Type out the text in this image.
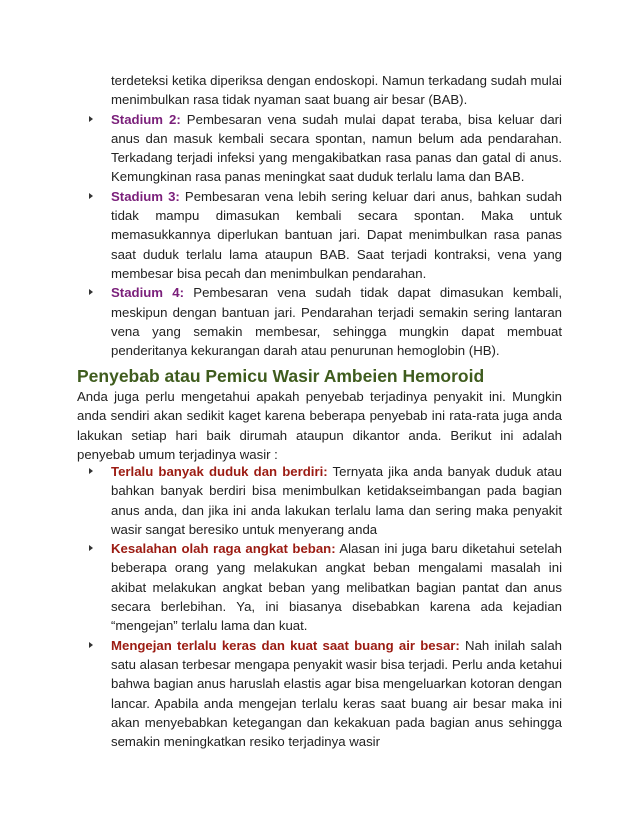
terdeteksi ketika diperiksa dengan endoskopi. Namun terkadang sudah mulai menimbulkan rasa tidak nyaman saat buang air besar (BAB).

Stadium 2: Pembesaran vena sudah mulai dapat teraba, bisa keluar dari anus dan masuk kembali secara spontan, namun belum ada pendarahan. Terkadang terjadi infeksi yang mengakibatkan rasa panas dan gatal di anus. Kemungkinan rasa panas meningkat saat duduk terlalu lama dan BAB.

Stadium 3: Pembesaran vena lebih sering keluar dari anus, bahkan sudah tidak mampu dimasukan kembali secara spontan. Maka untuk memasukkannya diperlukan bantuan jari. Dapat menimbulkan rasa panas saat duduk terlalu lama ataupun BAB. Saat terjadi kontraksi, vena yang membesar bisa pecah dan menimbulkan pendarahan.

Stadium 4: Pembesaran vena sudah tidak dapat dimasukan kembali, meskipun dengan bantuan jari. Pendarahan terjadi semakin sering lantaran vena yang semakin membesar, sehingga mungkin dapat membuat penderitanya kekurangan darah atau penurunan hemoglobin (HB).

Penyebab atau Pemicu Wasir Ambeien Hemoroid

Anda juga perlu mengetahui apakah penyebab terjadinya penyakit ini. Mungkin anda sendiri akan sedikit kaget karena beberapa penyebab ini rata-rata juga anda lakukan setiap hari baik dirumah ataupun dikantor anda. Berikut ini adalah penyebab umum terjadinya wasir :

Terlalu banyak duduk dan berdiri: Ternyata jika anda banyak duduk atau bahkan banyak berdiri bisa menimbulkan ketidakseimbangan pada bagian anus anda, dan jika ini anda lakukan terlalu lama dan sering maka penyakit wasir sangat beresiko untuk menyerang anda

Kesalahan olah raga angkat beban: Alasan ini juga baru diketahui setelah beberapa orang yang melakukan angkat beban mengalami masalah ini akibat melakukan angkat beban yang melibatkan bagian pantat dan anus secara berlebihan. Ya, ini biasanya disebabkan karena ada kejadian “mengejan” terlalu lama dan kuat.

Mengejan terlalu keras dan kuat saat buang air besar: Nah inilah salah satu alasan terbesar mengapa penyakit wasir bisa terjadi. Perlu anda ketahui bahwa bagian anus haruslah elastis agar bisa mengeluarkan kotoran dengan lancar. Apabila anda mengejan terlalu keras saat buang air besar maka ini akan menyebabkan ketegangan dan kekakuan pada bagian anus sehingga semakin meningkatkan resiko terjadinya wasir
